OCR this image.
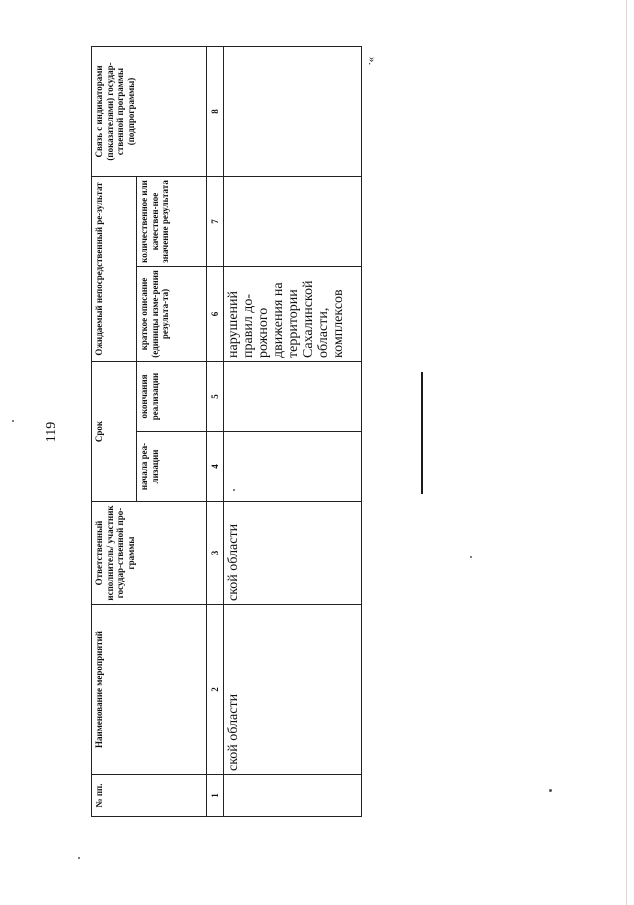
119
№ пп.	Наименование мероприятий	Ответственный исполнитель/ участник государ-ственной про-граммы	Срок		Ожидаемый непосредственный ре-зультат		Связь с индикаторами (показателями) государ-ственной программы (подпрограммы)
			начала реа-лизации	окончания реализации	краткое описание (единицы изме-рения результа-та)	количественное или качествен-ное значение результата	
1	2	3	4	5	6	7	8
	ской области	ской области			нарушений правил до-рожного движения на территории Сахалинской области, комплексов		
».
